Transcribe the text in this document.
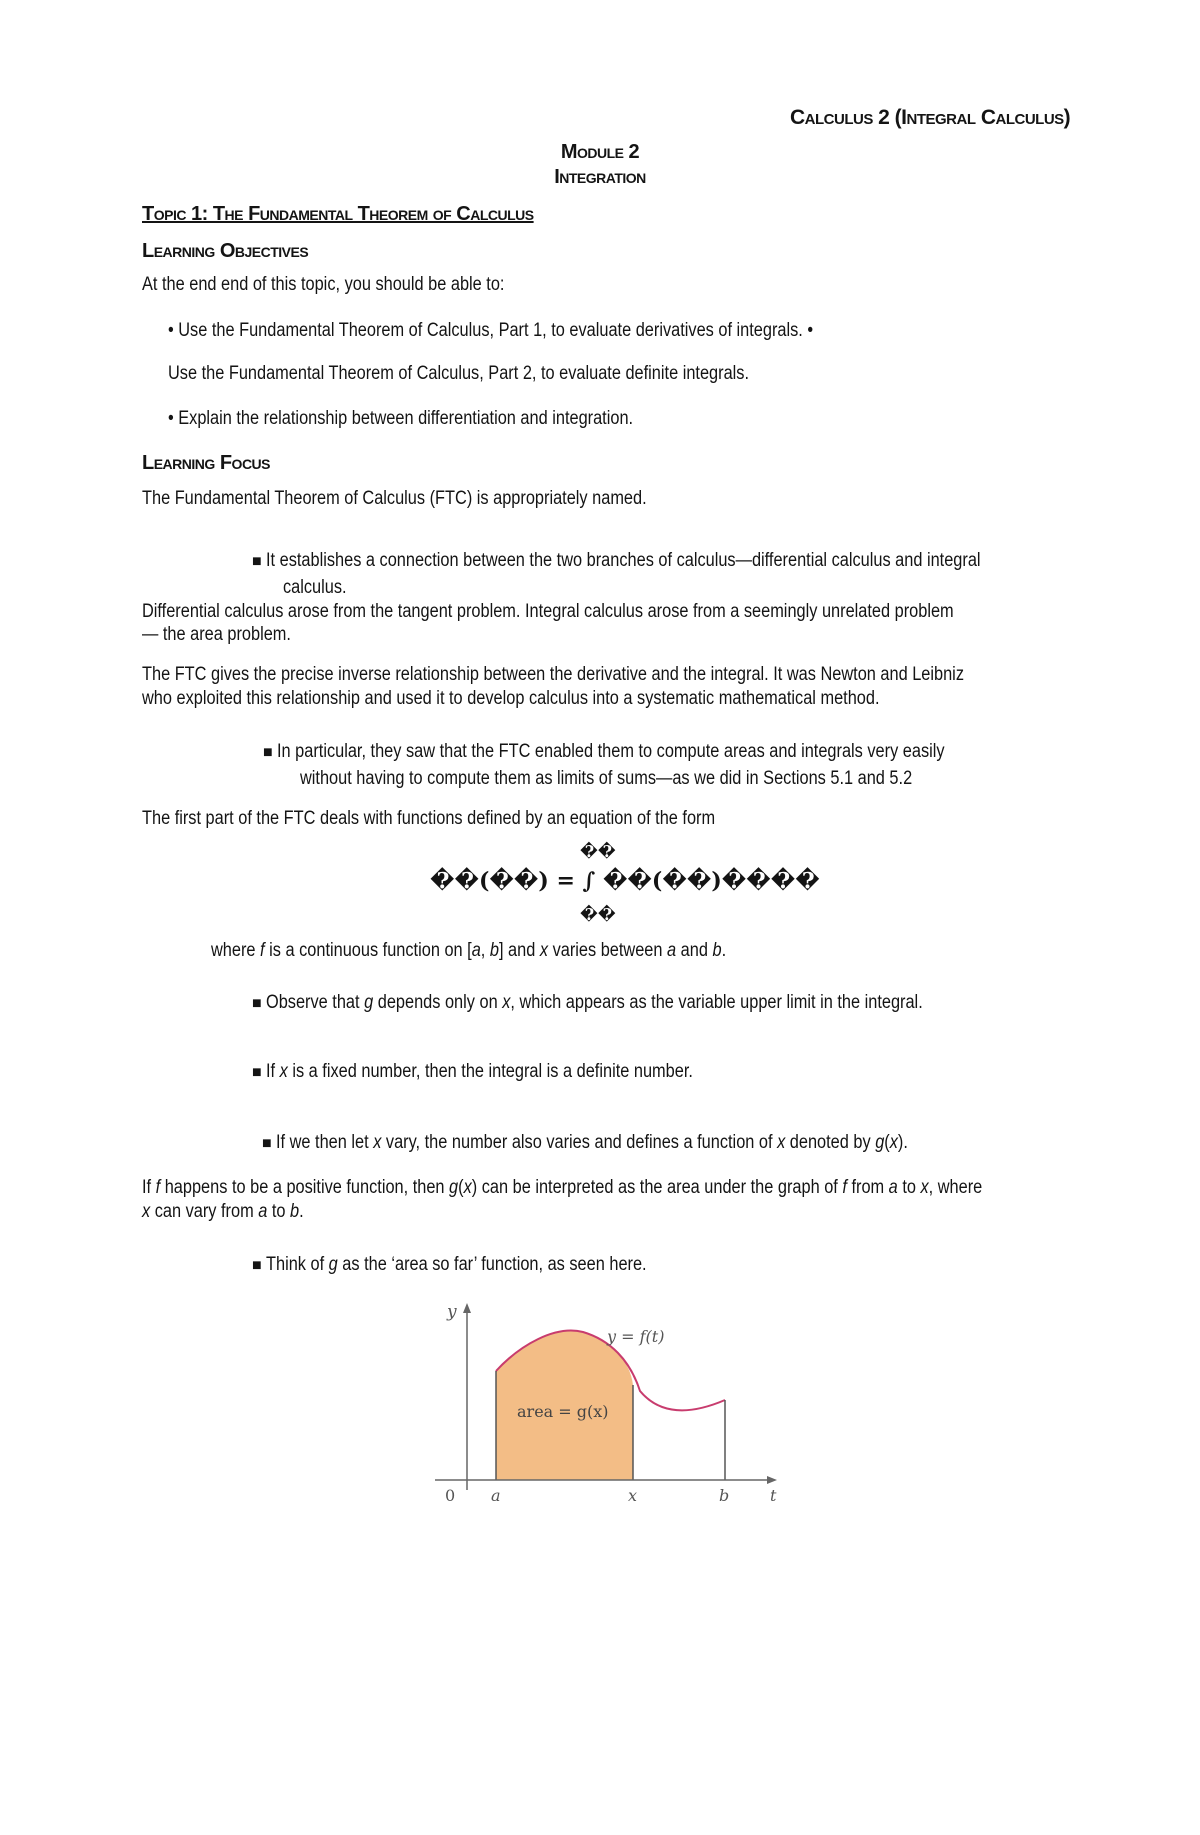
Calculus 2 (Integral Calculus)
Module 2
Integration
Topic 1: The Fundamental Theorem of Calculus
Learning Objectives
At the end end of this topic, you should be able to:
• Use the Fundamental Theorem of Calculus, Part 1, to evaluate derivatives of integrals. •
Use the Fundamental Theorem of Calculus, Part 2, to evaluate definite integrals.
• Explain the relationship between differentiation and integration.
Learning Focus
The Fundamental Theorem of Calculus (FTC) is appropriately named.
■ It establishes a connection between the two branches of calculus—differential calculus and integral
calculus.
Differential calculus arose from the tangent problem. Integral calculus arose from a seemingly unrelated problem
— the area problem.
The FTC gives the precise inverse relationship between the derivative and the integral. It was Newton and Leibniz
who exploited this relationship and used it to develop calculus into a systematic mathematical method.
■ In particular, they saw that the FTC enabled them to compute areas and integrals very easily
without having to compute them as limits of sums—as we did in Sections 5.1 and 5.2
The first part of the FTC deals with functions defined by an equation of the form
��
��(��) = ∫ ��(��)����
��
where f is a continuous function on [a, b] and x varies between a and b.
■ Observe that g depends only on x, which appears as the variable upper limit in the integral.
■ If x is a fixed number, then the integral is a definite number.
■ If we then let x vary, the number also varies and defines a function of x denoted by g(x).
If f happens to be a positive function, then g(x) can be interpreted as the area under the graph of f from a to x, where
x can vary from a to b.
■ Think of g as the ‘area so far’ function, as seen here.
y
t
0 a	x	b
y = f(t)
area = g(x)
